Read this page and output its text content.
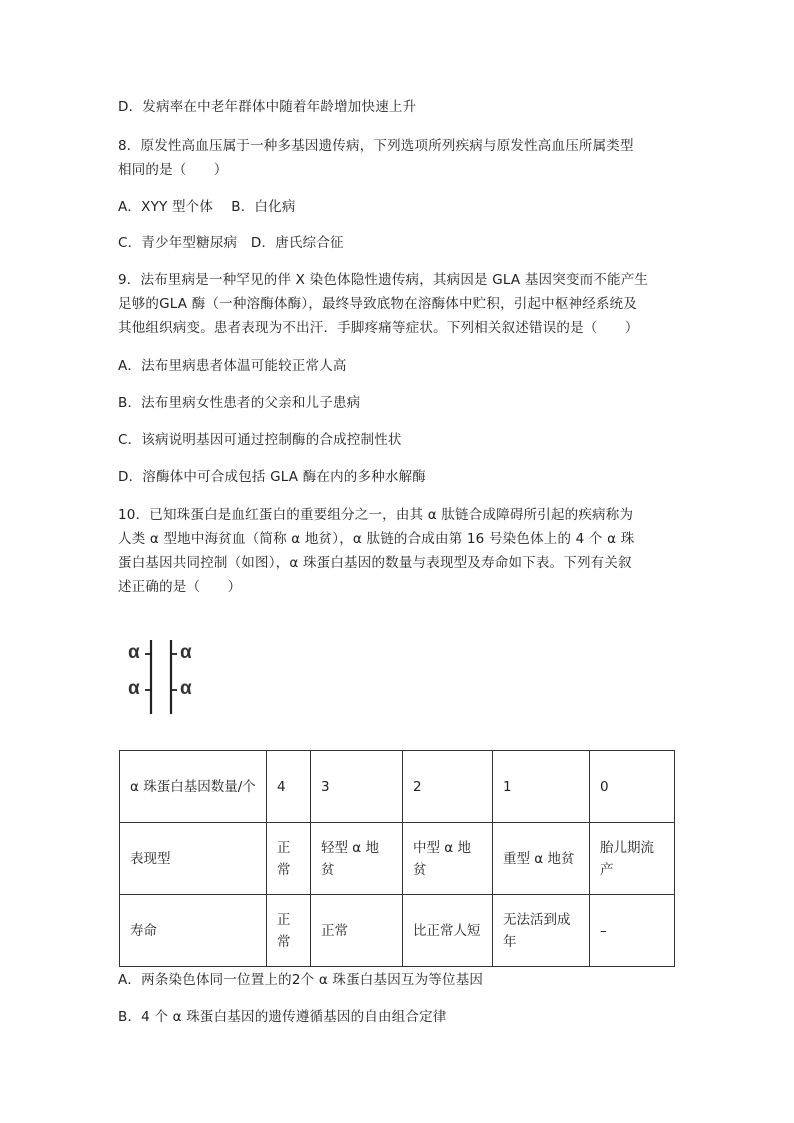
D．发病率在中老年群体中随着年龄增加快速上升
8．原发性高血压属于一种多基因遗传病，下列选项所列疾病与原发性高血压所属类型
相同的是（　　）
A．XYY 型个体　 B．白化病
C．青少年型糖尿病　D．唐氏综合征
9．法布里病是一种罕见的伴 X 染色体隐性遗传病，其病因是 GLA 基因突变而不能产生
足够的GLA 酶（一种溶酶体酶），最终导致底物在溶酶体中贮积，引起中枢神经系统及
其他组织病变。患者表现为不出汗．手脚疼痛等症状。下列相关叙述错误的是（　　）
A．法布里病患者体温可能较正常人高
B．法布里病女性患者的父亲和儿子患病
C．该病说明基因可通过控制酶的合成控制性状
D．溶酶体中可合成包括 GLA 酶在内的多种水解酶
10．已知珠蛋白是血红蛋白的重要组分之一，由其 α 肽链合成障碍所引起的疾病称为
人类 α 型地中海贫血（简称 α 地贫），α 肽链的合成由第 16 号染色体上的 4 个 α 珠
蛋白基因共同控制（如图），α 珠蛋白基因的数量与表现型及寿命如下表。下列有关叙
述正确的是（　　）
α
α
α
α
α 珠蛋白基因数量/个	4	3	2	1	0
表现型	正常	轻型 α 地贫	中型 α 地贫	重型 α 地贫	胎儿期流产
寿命	正常	正常	比正常人短	无法活到成年	–
A．两条染色体同一位置上的2个 α 珠蛋白基因互为等位基因
B．4 个 α 珠蛋白基因的遗传遵循基因的自由组合定律
